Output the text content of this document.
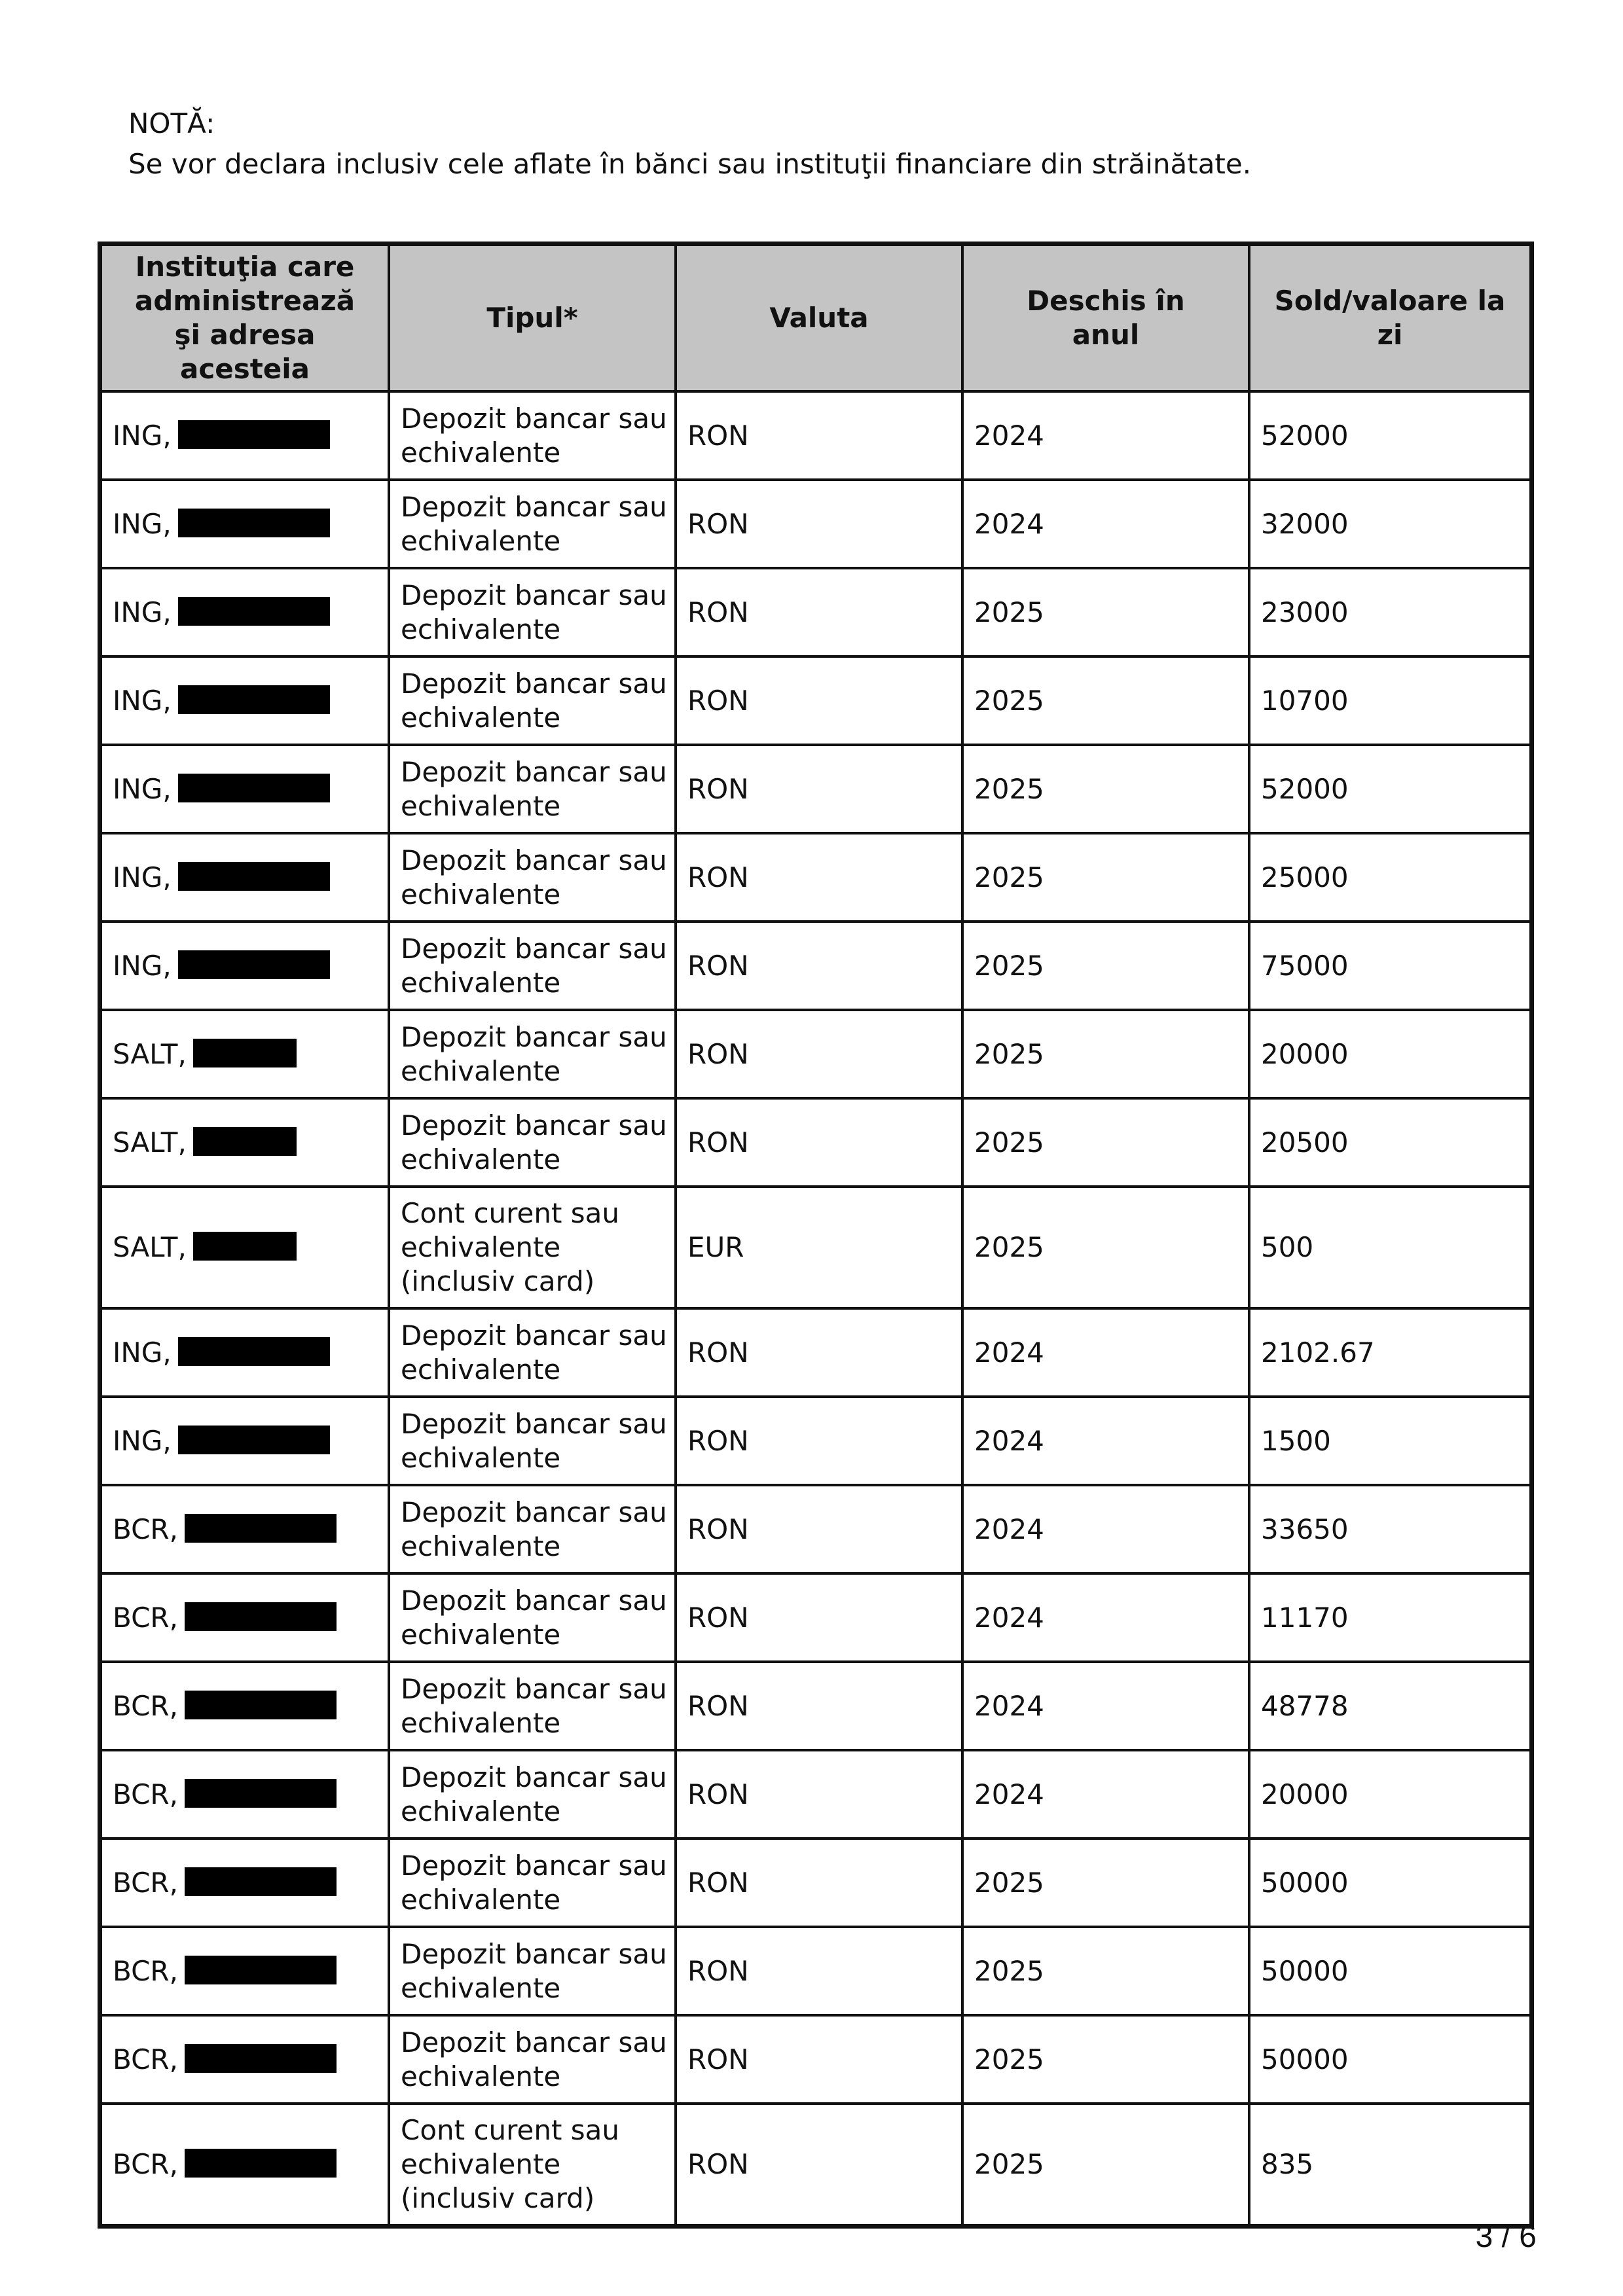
NOTĂ:
Se vor declara inclusiv cele aflate în bănci sau instituţii financiare din străinătate.
Instituţia care administrează şi adresa acesteia	Tipul*	Valuta	Deschis în anul	Sold/valoare la zi
ING,	Depozit bancar sau echivalente	RON	2024	52000
ING,	Depozit bancar sau echivalente	RON	2024	32000
ING,	Depozit bancar sau echivalente	RON	2025	23000
ING,	Depozit bancar sau echivalente	RON	2025	10700
ING,	Depozit bancar sau echivalente	RON	2025	52000
ING,	Depozit bancar sau echivalente	RON	2025	25000
ING,	Depozit bancar sau echivalente	RON	2025	75000
SALT,	Depozit bancar sau echivalente	RON	2025	20000
SALT,	Depozit bancar sau echivalente	RON	2025	20500
SALT,	Cont curent sau echivalente (inclusiv card)	EUR	2025	500
ING,	Depozit bancar sau echivalente	RON	2024	2102.67
ING,	Depozit bancar sau echivalente	RON	2024	1500
BCR,	Depozit bancar sau echivalente	RON	2024	33650
BCR,	Depozit bancar sau echivalente	RON	2024	11170
BCR,	Depozit bancar sau echivalente	RON	2024	48778
BCR,	Depozit bancar sau echivalente	RON	2024	20000
BCR,	Depozit bancar sau echivalente	RON	2025	50000
BCR,	Depozit bancar sau echivalente	RON	2025	50000
BCR,	Depozit bancar sau echivalente	RON	2025	50000
BCR,	Cont curent sau echivalente (inclusiv card)	RON	2025	835
3 / 6
